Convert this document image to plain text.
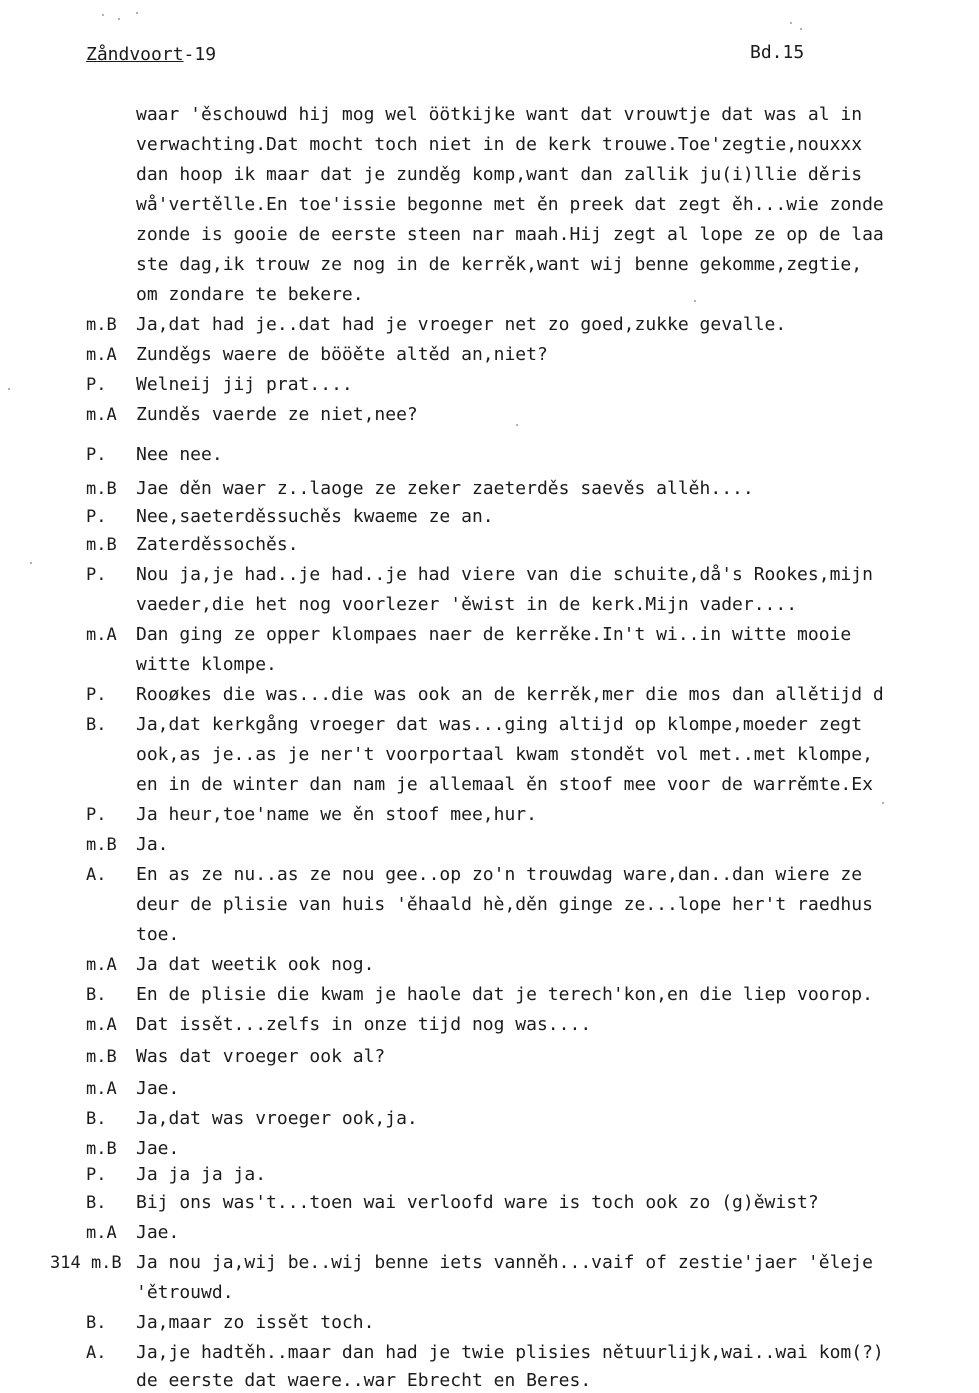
Zåndvoort-19	Bd.15
waar 'ěschouwd hij mog wel öötkijke want dat vrouwtje dat was al in
verwachting.Dat mocht toch niet in de kerk trouwe.Toe'zegtie,nouxxx
dan hoop ik maar dat je zunděg komp,want dan zallik ju(i)llie děris
wå'vertělle.En toe'issie begonne met ěn preek dat zegt ěh...wie zonde
zonde is gooie de eerste steen nar maah.Hij zegt al lope ze op de laa
ste dag,ik trouw ze nog in de kerrěk,want wij benne gekomme,zegtie,
om zondare te bekere.
m.B	Ja,dat had je..dat had je vroeger net zo goed,zukke gevalle.
m.A	Zunděgs waere de bööěte altěd an,niet?
P.	Welneij jij prat....
m.A	Zunděs vaerde ze niet,nee?
P.	Nee nee.
m.B	Jae děn waer z..laoge ze zeker zaeterděs saevěs allěh....
P.	Nee,saeterděssuchěs kwaeme ze an.
m.B	Zaterděssochěs.
P.	Nou ja,je had..je had..je had viere van die schuite,då's Rookes,mijn
vaeder,die het nog voorlezer 'ěwist in de kerk.Mijn vader....
m.A	Dan ging ze opper klompaes naer de kerrěke.In't wi..in witte mooie
witte klompe.
P.	Rooøkes die was...die was ook an de kerrěk,mer die mos dan allětijd d
B.	Ja,dat kerkgång vroeger dat was...ging altijd op klompe,moeder zegt
ook,as je..as je ner't voorportaal kwam stondět vol met..met klompe,
en in de winter dan nam je allemaal ěn stoof mee voor de warrěmte.Ex
P.	Ja heur,toe'name we ěn stoof mee,hur.
m.B	Ja.
A.	En as ze nu..as ze nou gee..op zo'n trouwdag ware,dan..dan wiere ze
deur de plisie van huis 'ěhaald hè,děn ginge ze...lope her't raedhus
toe.
m.A	Ja dat weetik ook nog.
B.	En de plisie die kwam je haole dat je terech'kon,en die liep voorop.
m.A	Dat issět...zelfs in onze tijd nog was....
m.B	Was dat vroeger ook al?
m.A	Jae.
B.	Ja,dat was vroeger ook,ja.
m.B	Jae.
P.	Ja ja ja ja.
B.	Bij ons was't...toen wai verloofd ware is toch ook zo (g)ěwist?
m.A	Jae.
314 m.B Ja nou ja,wij be..wij benne iets vanněh...vaif of zestie'jaer 'ěleje
'ětrouwd.
B.	Ja,maar zo issět toch.
A.	Ja,je hadtěh..maar dan had je twie plisies nětuurlijk,wai..wai kom(?)
de eerste dat waere..war Ebrecht en Beres.
